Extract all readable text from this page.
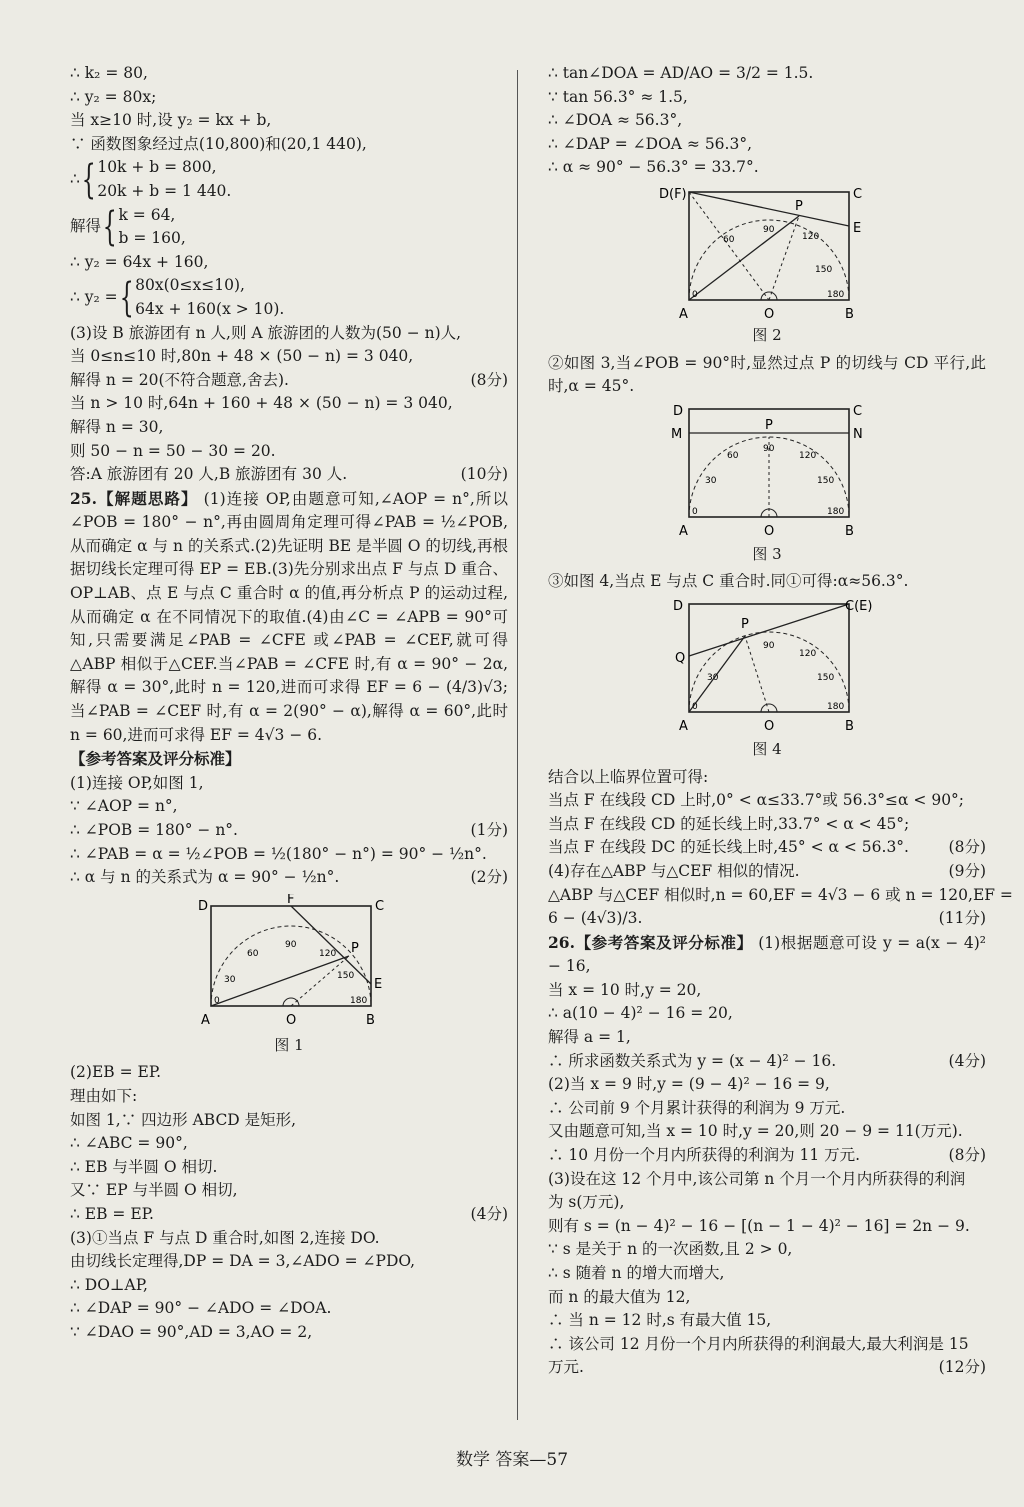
∴ k₂ = 80,
∴ y₂ = 80x;
当 x≥10 时,设 y₂ = kx + b,
∵ 函数图象经过点(10,800)和(20,1 440),
∴ { 10k + b = 800,
20k + b = 1 440.
解得 { k = 64,
b = 160,
∴ y₂ = 64x + 160,
∴ y₂ = { 80x(0≤x≤10),
64x + 160(x > 10).
(3)设 B 旅游团有 n 人,则 A 旅游团的人数为(50 − n)人,
当 0≤n≤10 时,80n + 48 × (50 − n) = 3 040,
解得 n = 20(不符合题意,舍去).	(8分)
当 n > 10 时,64n + 160 + 48 × (50 − n) = 3 040,
解得 n = 30,
则 50 − n = 50 − 30 = 20.
答:A 旅游团有 20 人,B 旅游团有 30 人.	(10分)
25.【解题思路】 (1)连接 OP,由题意可知,∠AOP = n°,所以∠POB = 180° − n°,再由圆周角定理可得∠PAB = ½∠POB,从而确定 α 与 n 的关系式.(2)先证明 BE 是半圆 O 的切线,再根据切线长定理可得 EP = EB.(3)先分别求出点 F 与点 D 重合、OP⊥AB、点 E 与点 C 重合时 α 的值,再分析点 P 的运动过程,从而确定 α 在不同情况下的取值.(4)由∠C = ∠APB = 90°可知,只需要满足∠PAB = ∠CFE 或∠PAB = ∠CEF,就可得△ABP 相似于△CEF.当∠PAB = ∠CFE 时,有 α = 90° − 2α,解得 α = 30°,此时 n = 120,进而可求得 EF = 6 − (4/3)√3;当∠PAB = ∠CEF 时,有 α = 2(90° − α),解得 α = 60°,此时 n = 60,进而可求得 EF = 4√3 − 6.
【参考答案及评分标准】
(1)连接 OP,如图 1,
∵ ∠AOP = n°,
∴ ∠POB = 180° − n°.	(1分)
∴ ∠PAB = α = ½∠POB = ½(180° − n°) = 90° − ½n°.
∴ α 与 n 的关系式为 α = 90° − ½n°.	(2分)
D	C
F
P
E
A	O	B
0
30
60
90
120
150
180
图 1
(2)EB = EP.
理由如下:
如图 1,∵ 四边形 ABCD 是矩形,
∴ ∠ABC = 90°,
∴ EB 与半圆 O 相切.
又∵ EP 与半圆 O 相切,
∴ EB = EP.	(4分)
(3)①当点 F 与点 D 重合时,如图 2,连接 DO.
由切线长定理得,DP = DA = 3,∠ADO = ∠PDO,
∴ DO⊥AP,
∴ ∠DAP = 90° − ∠ADO = ∠DOA.
∵ ∠DAO = 90°,AD = 3,AO = 2,
∴ tan∠DOA = AD/AO = 3/2 = 1.5.
∵ tan 56.3° ≈ 1.5,
∴ ∠DOA ≈ 56.3°,
∴ ∠DAP = ∠DOA ≈ 56.3°,
∴ α ≈ 90° − 56.3° = 33.7°.
D(F)	C
P
E
A	O	B
0
60
90
120
150
180
图 2
②如图 3,当∠POB = 90°时,显然过点 P 的切线与 CD 平行,此时,α = 45°.
D	C
M	N
P
A	O	B
0
30
60
90
120
150
180
图 3
③如图 4,当点 E 与点 C 重合时.同①可得:α≈56.3°.
D	C(E)
P
Q
A	O	B
0
30
90
120
150
180
图 4
结合以上临界位置可得:
当点 F 在线段 CD 上时,0° < α≤33.7°或 56.3°≤α < 90°;
当点 F 在线段 CD 的延长线上时,33.7° < α < 45°;
当点 F 在线段 DC 的延长线上时,45° < α < 56.3°.	(8分)
(4)存在△ABP 与△CEF 相似的情况.	(9分)
△ABP 与△CEF 相似时,n = 60,EF = 4√3 − 6 或 n = 120,EF =
6 − (4√3)/3.	(11分)
26.【参考答案及评分标准】 (1)根据题意可设 y = a(x − 4)² − 16,
当 x = 10 时,y = 20,
∴ a(10 − 4)² − 16 = 20,
解得 a = 1,
∴ 所求函数关系式为 y = (x − 4)² − 16.	(4分)
(2)当 x = 9 时,y = (9 − 4)² − 16 = 9,
∴ 公司前 9 个月累计获得的利润为 9 万元.
又由题意可知,当 x = 10 时,y = 20,则 20 − 9 = 11(万元).
∴ 10 月份一个月内所获得的利润为 11 万元.	(8分)
(3)设在这 12 个月中,该公司第 n 个月一个月内所获得的利润
为 s(万元),
则有 s = (n − 4)² − 16 − [(n − 1 − 4)² − 16] = 2n − 9.
∵ s 是关于 n 的一次函数,且 2 > 0,
∴ s 随着 n 的增大而增大,
而 n 的最大值为 12,
∴ 当 n = 12 时,s 有最大值 15,
∴ 该公司 12 月份一个月内所获得的利润最大,最大利润是 15
万元.	(12分)
数学 答案—57
